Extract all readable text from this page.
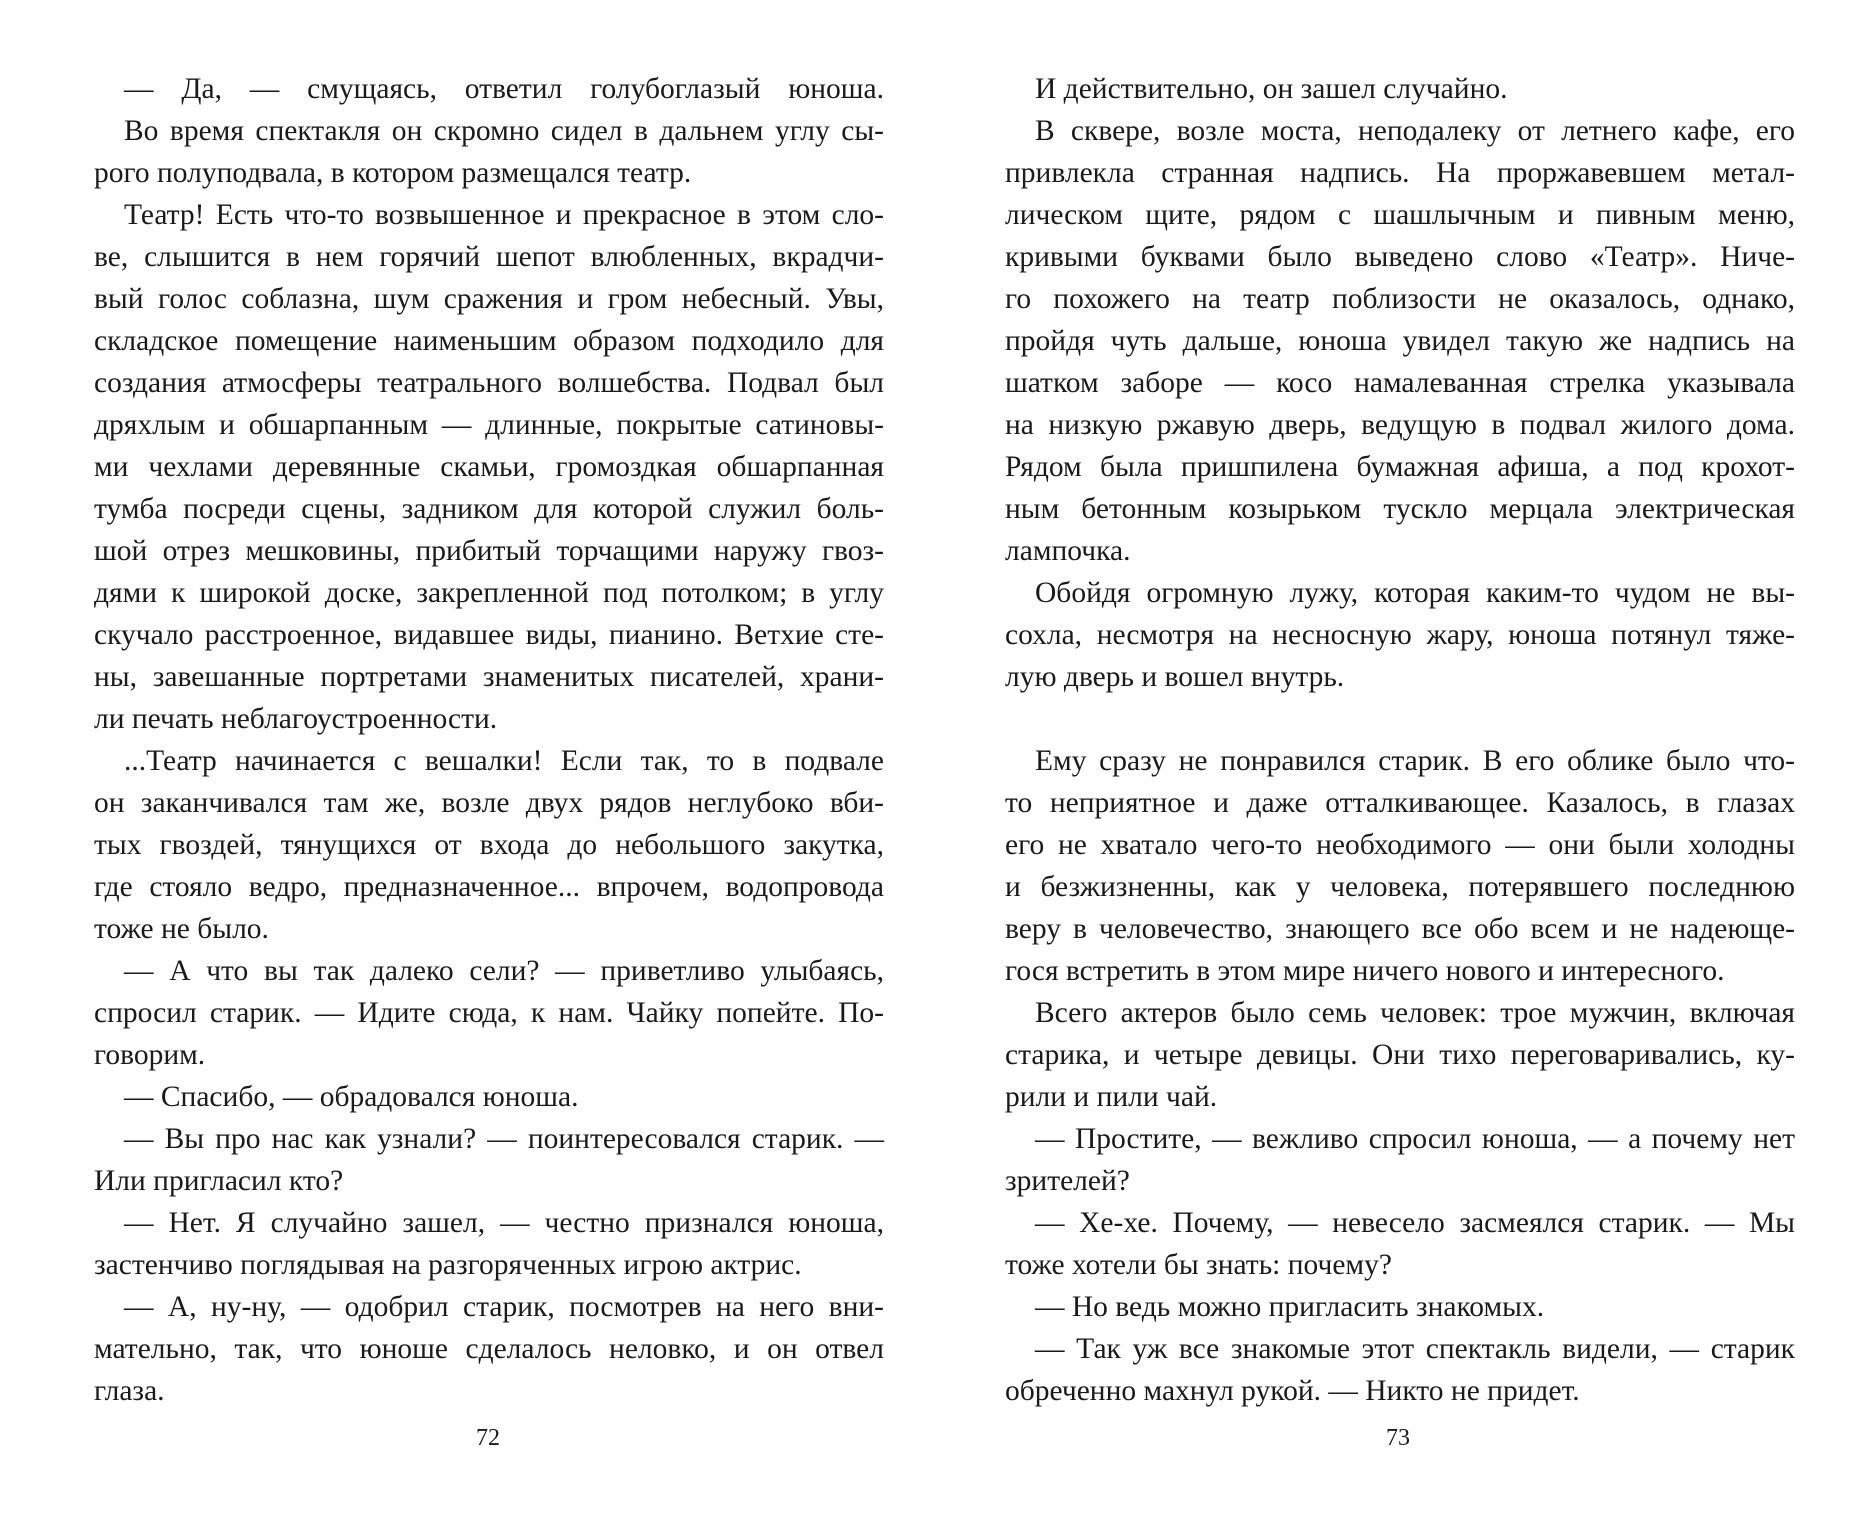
— Да, — смущаясь, ответил голубоглазый юноша.
Во время спектакля он скромно сидел в дальнем углу сы-
рого полуподвала, в котором размещался театр.
Театр! Есть что-то возвышенное и прекрасное в этом сло-
ве, слышится в нем горячий шепот влюбленных, вкрадчи-
вый голос соблазна, шум сражения и гром небесный. Увы,
складское помещение наименьшим образом подходило для
создания атмосферы театрального волшебства. Подвал был
дряхлым и обшарпанным — длинные, покрытые сатиновы-
ми чехлами деревянные скамьи, громоздкая обшарпанная
тумба посреди сцены, задником для которой служил боль-
шой отрез мешковины, прибитый торчащими наружу гвоз-
дями к широкой доске, закрепленной под потолком; в углу
скучало расстроенное, видавшее виды, пианино. Ветхие сте-
ны, завешанные портретами знаменитых писателей, храни-
ли печать неблагоустроенности.
...Театр начинается с вешалки! Если так, то в подвале
он заканчивался там же, возле двух рядов неглубоко вби-
тых гвоздей, тянущихся от входа до небольшого закутка,
где стояло ведро, предназначенное... впрочем, водопровода
тоже не было.
— А что вы так далеко сели? — приветливо улыбаясь,
спросил старик. — Идите сюда, к нам. Чайку попейте. По-
говорим.
— Спасибо, — обрадовался юноша.
— Вы про нас как узнали? — поинтересовался старик. —
Или пригласил кто?
— Нет. Я случайно зашел, — честно признался юноша,
застенчиво поглядывая на разгоряченных игрою актрис.
— А, ну-ну, — одобрил старик, посмотрев на него вни-
мательно, так, что юноше сделалось неловко, и он отвел
глаза.
И действительно, он зашел случайно.
В сквере, возле моста, неподалеку от летнего кафе, его
привлекла странная надпись. На проржавевшем метал-
лическом щите, рядом с шашлычным и пивным меню,
кривыми буквами было выведено слово «Театр». Ниче-
го похожего на театр поблизости не оказалось, однако,
пройдя чуть дальше, юноша увидел такую же надпись на
шатком заборе — косо намалеванная стрелка указывала
на низкую ржавую дверь, ведущую в подвал жилого дома.
Рядом была пришпилена бумажная афиша, а под крохот-
ным бетонным козырьком тускло мерцала электрическая
лампочка.
Обойдя огромную лужу, которая каким-то чудом не вы-
сохла, несмотря на несносную жару, юноша потянул тяже-
лую дверь и вошел внутрь.
Ему сразу не понравился старик. В его облике было что-
то неприятное и даже отталкивающее. Казалось, в глазах
его не хватало чего-то необходимого — они были холодны
и безжизненны, как у человека, потерявшего последнюю
веру в человечество, знающего все обо всем и не надеюще-
гося встретить в этом мире ничего нового и интересного.
Всего актеров было семь человек: трое мужчин, включая
старика, и четыре девицы. Они тихо переговаривались, ку-
рили и пили чай.
— Простите, — вежливо спросил юноша, — а почему нет
зрителей?
— Хе-хе. Почему, — невесело засмеялся старик. — Мы
тоже хотели бы знать: почему?
— Но ведь можно пригласить знакомых.
— Так уж все знакомые этот спектакль видели, — старик
обреченно махнул рукой. — Никто не придет.
72	73
